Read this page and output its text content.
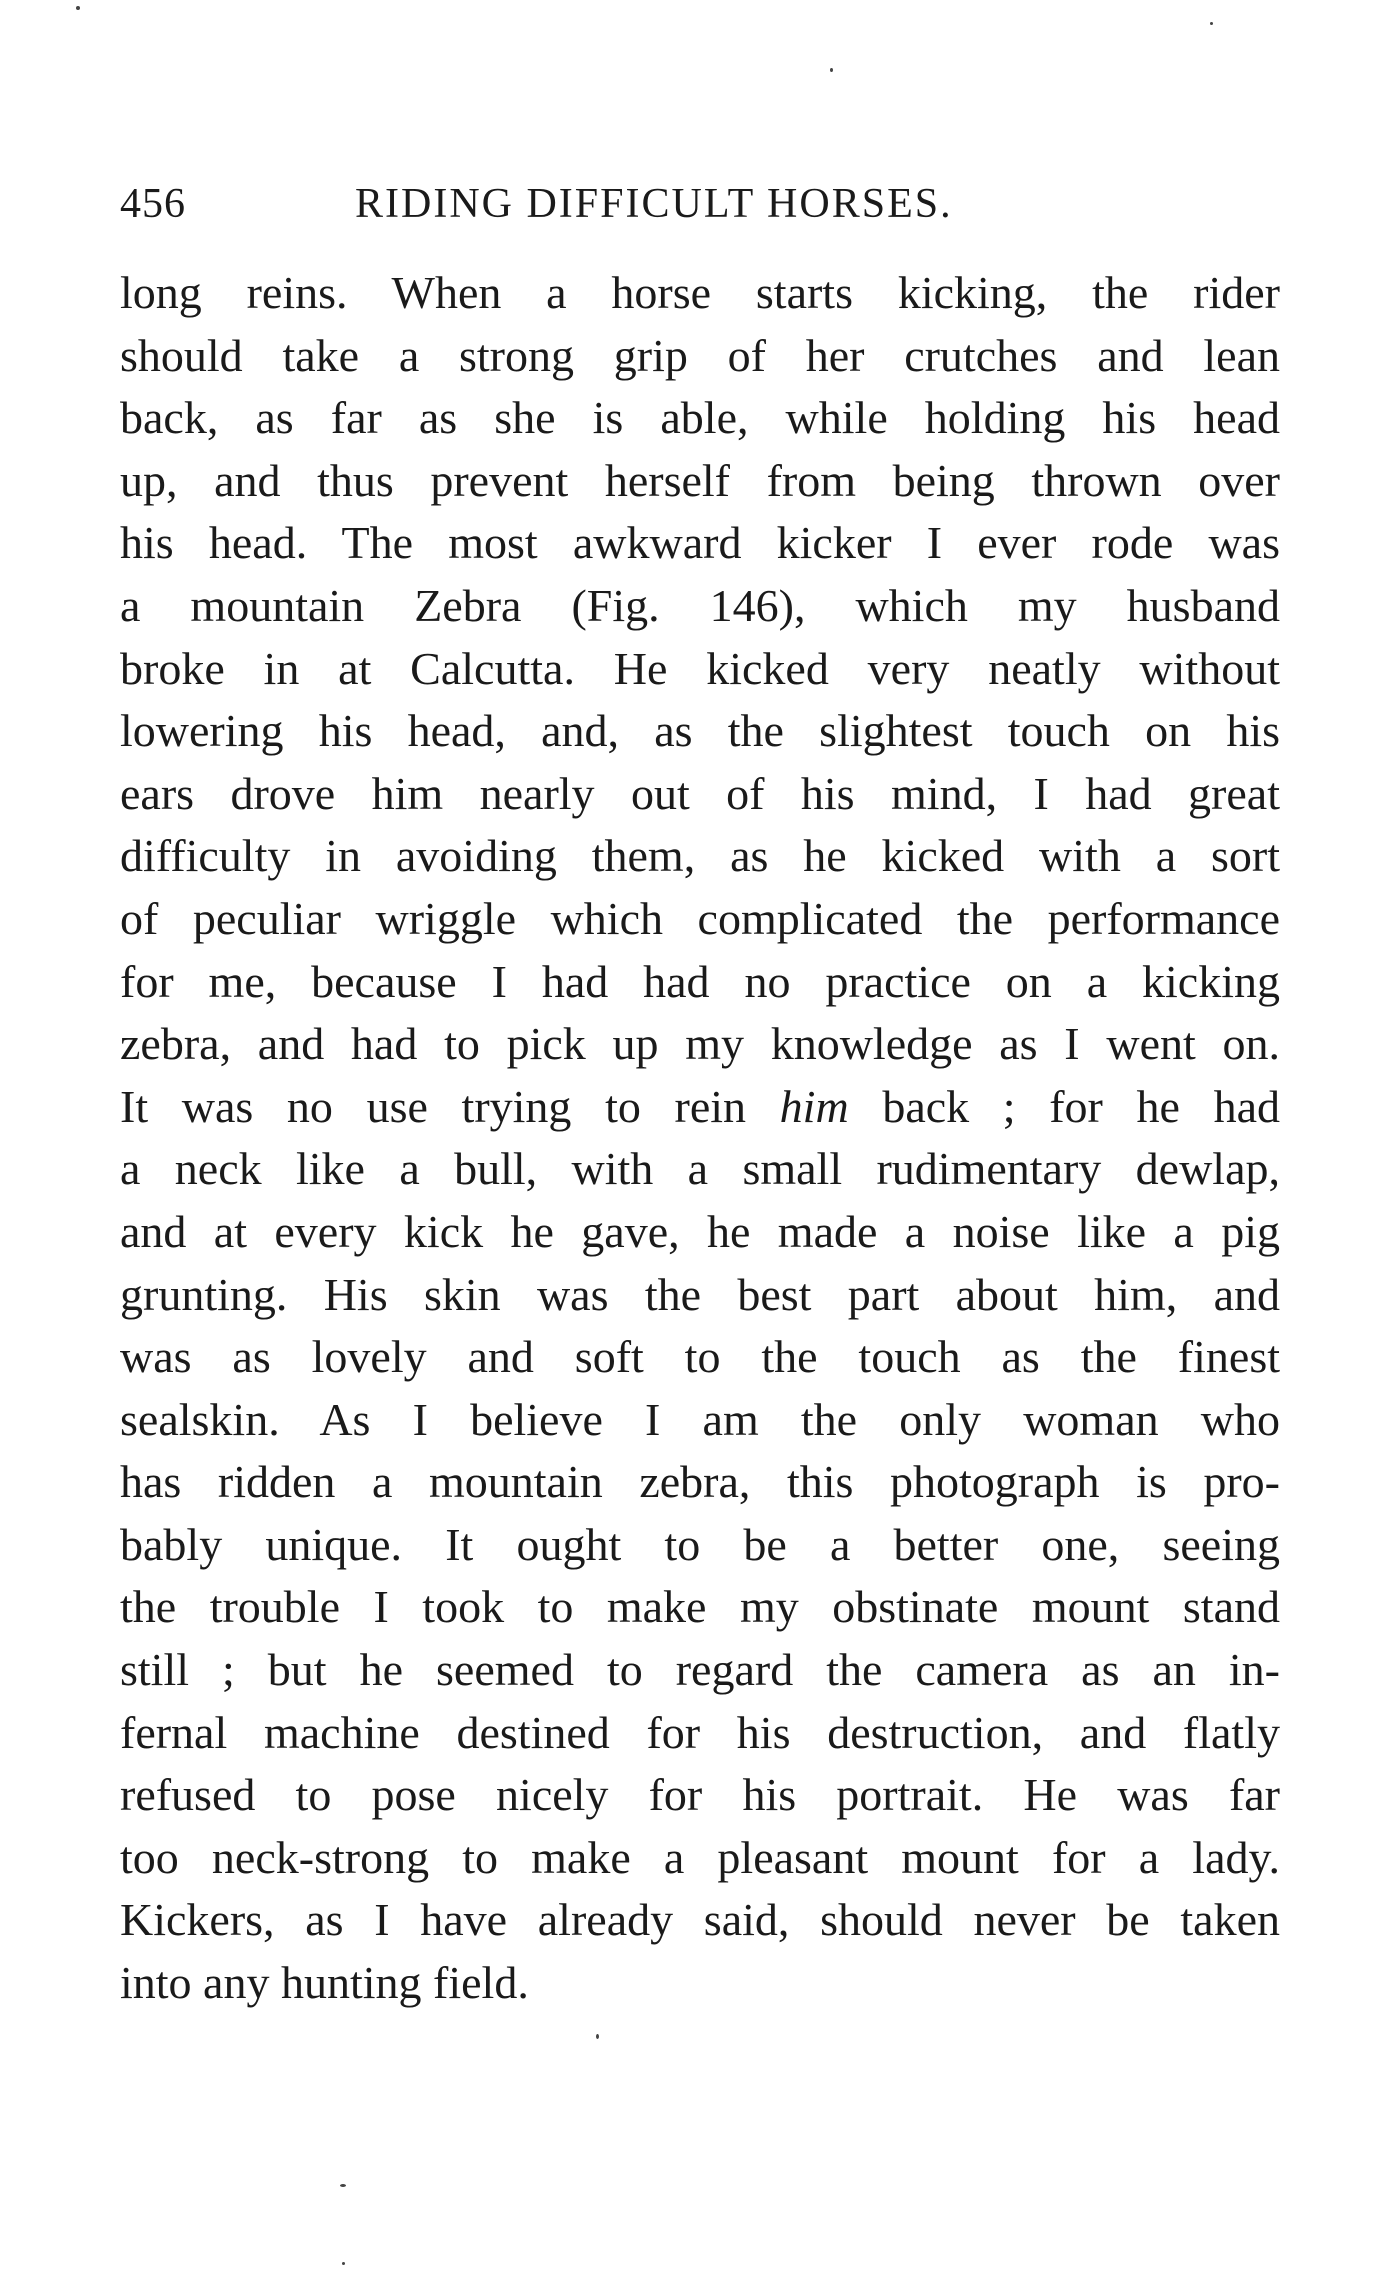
456	RIDING DIFFICULT HORSES.
long reins. When a horse starts kicking, the rider
should take a strong grip of her crutches and lean
back, as far as she is able, while holding his head
up, and thus prevent herself from being thrown over
his head. The most awkward kicker I ever rode was
a mountain Zebra (Fig. 146), which my husband
broke in at Calcutta. He kicked very neatly without
lowering his head, and, as the slightest touch on his
ears drove him nearly out of his mind, I had great
difficulty in avoiding them, as he kicked with a sort
of peculiar wriggle which complicated the performance
for me, because I had had no practice on a kicking
zebra, and had to pick up my knowledge as I went on.
It was no use trying to rein him back ; for he had
a neck like a bull, with a small rudimentary dewlap,
and at every kick he gave, he made a noise like a pig
grunting. His skin was the best part about him, and
was as lovely and soft to the touch as the finest
sealskin. As I believe I am the only woman who
has ridden a mountain zebra, this photograph is pro-
bably unique. It ought to be a better one, seeing
the trouble I took to make my obstinate mount stand
still ; but he seemed to regard the camera as an in-
fernal machine destined for his destruction, and flatly
refused to pose nicely for his portrait. He was far
too neck-strong to make a pleasant mount for a lady.
Kickers, as I have already said, should never be taken
into any hunting field.
